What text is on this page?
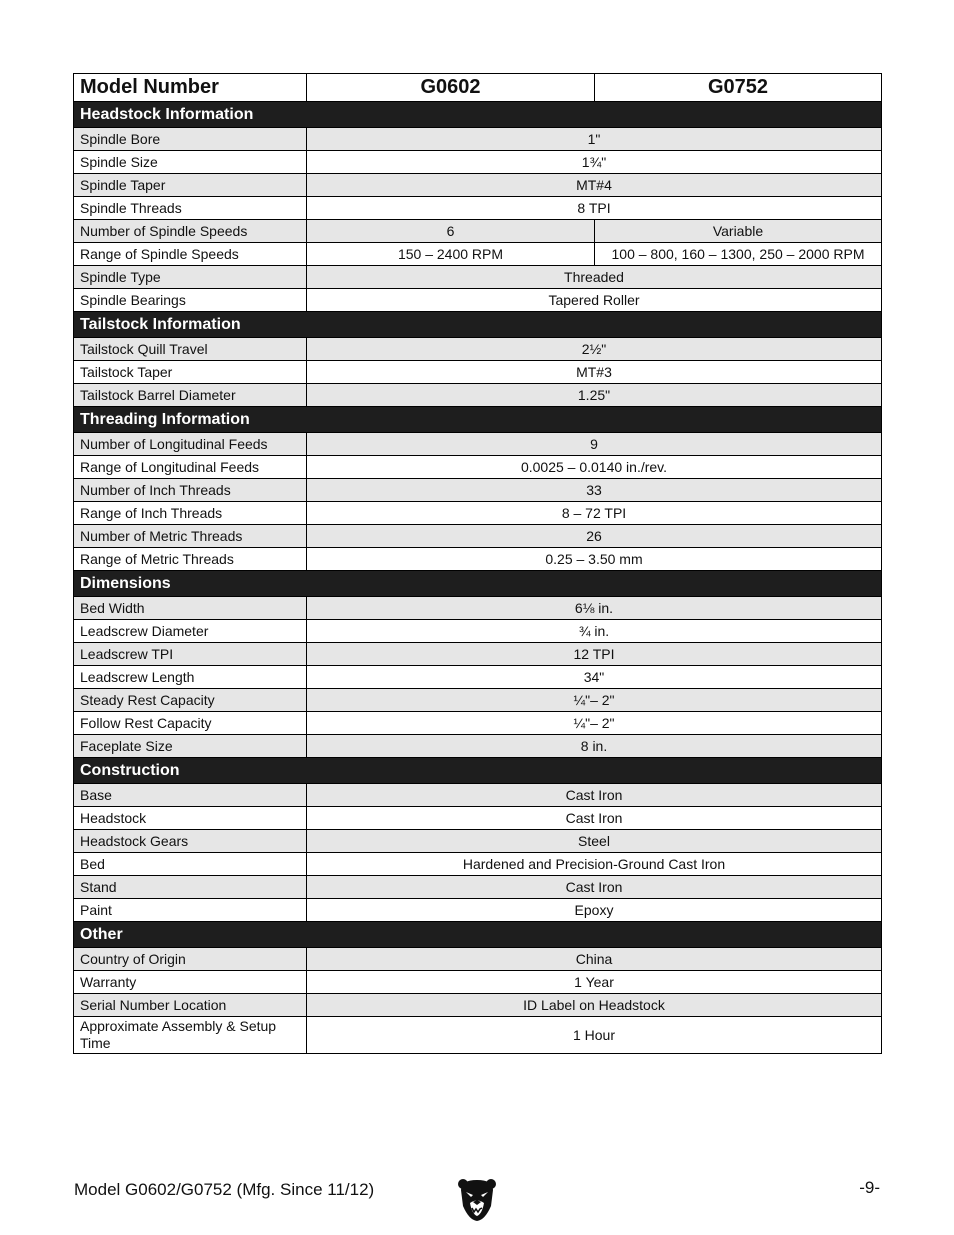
Model Number	G0602	G0752
Headstock Information		
Spindle Bore	1"	
Spindle Size	1¾"	
Spindle Taper	MT#4	
Spindle Threads	8 TPI	
Number of Spindle Speeds	6	Variable
Range of Spindle Speeds	150 – 2400 RPM	100 – 800, 160 – 1300, 250 – 2000 RPM
Spindle Type	Threaded	
Spindle Bearings	Tapered Roller	
Tailstock Information		
Tailstock Quill Travel	2½"	
Tailstock Taper	MT#3	
Tailstock Barrel Diameter	1.25"	
Threading Information		
Number of Longitudinal Feeds	9	
Range of Longitudinal Feeds	0.0025 – 0.0140 in./rev.	
Number of Inch Threads	33	
Range of Inch Threads	8 – 72 TPI	
Number of Metric Threads	26	
Range of Metric Threads	0.25 – 3.50 mm	
Dimensions		
Bed Width	6⅛ in.	
Leadscrew Diameter	¾ in.	
Leadscrew TPI	12 TPI	
Leadscrew Length	34"	
Steady Rest Capacity	¼"– 2"	
Follow Rest Capacity	¼"– 2"	
Faceplate Size	8 in.	
Construction		
Base	Cast Iron	
Headstock	Cast Iron	
Headstock Gears	Steel	
Bed	Hardened and Precision-Ground Cast Iron	
Stand	Cast Iron	
Paint	Epoxy	
Other		
Country of Origin	China	
Warranty	1 Year	
Serial Number Location	ID Label on Headstock	
Approximate Assembly & Setup Time	1 Hour	
Model G0602/G0752 (Mfg. Since 11/12)	-9-
